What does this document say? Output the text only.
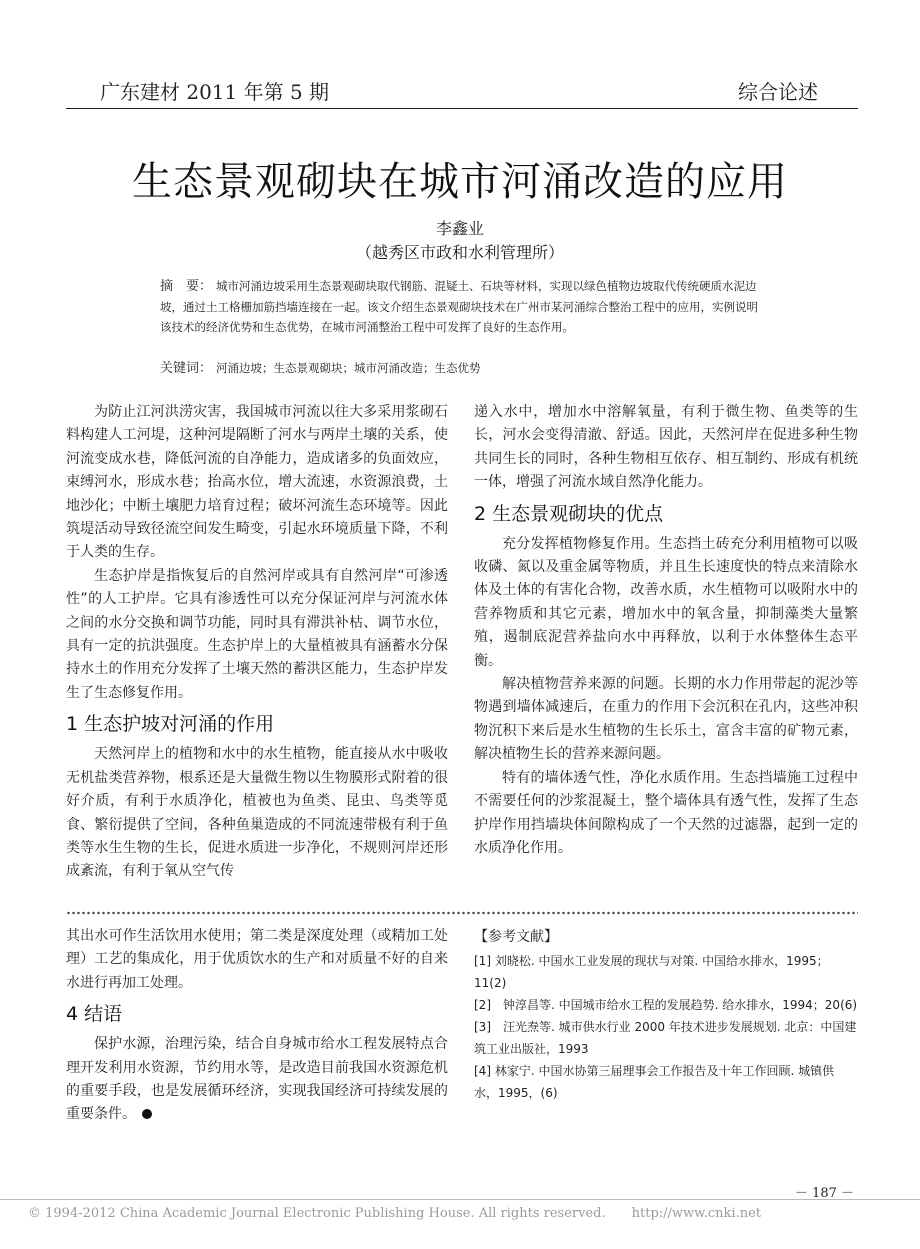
广东建材 2011 年第 5 期	综合论述
生态景观砌块在城市河涌改造的应用
李鑫业
（越秀区市政和水利管理所）
摘　要： 城市河涌边坡采用生态景观砌块取代钢筋、混疑土、石块等材料，实现以绿色植物边坡取代传统硬质水泥边坡，通过土工格栅加筋挡墙连接在一起。该文介绍生态景观砌块技术在广州市某河涌综合整治工程中的应用，实例说明该技术的经济优势和生态优势，在城市河涌整治工程中可发挥了良好的生态作用。
关键词： 河涌边坡；生态景观砌块；城市河涌改造；生态优势

为防止江河洪涝灾害，我国城市河流以往大多采用浆砌石料构建人工河堤，这种河堤隔断了河水与两岸土壤的关系，使河流变成水巷，降低河流的自净能力，造成诸多的负面效应，束缚河水，形成水巷；抬高水位，增大流速，水资源浪费，土地沙化；中断土壤肥力培育过程；破坏河流生态环境等。因此筑堤活动导致径流空间发生畸变，引起水环境质量下降，不利于人类的生存。

生态护岸是指恢复后的自然河岸或具有自然河岸“可渗透性”的人工护岸。它具有渗透性可以充分保证河岸与河流水体之间的水分交换和调节功能，同时具有滞洪补枯、调节水位，具有一定的抗洪强度。生态护岸上的大量植被具有涵蓄水分保持水土的作用充分发挥了土壤天然的蓄洪区能力，生态护岸发生了生态修复作用。

1 生态护坡对河涌的作用

天然河岸上的植物和水中的水生植物，能直接从水中吸收无机盐类营养物，根系还是大量微生物以生物膜形式附着的很好介质，有利于水质净化，植被也为鱼类、昆虫、鸟类等觅食、繁衍提供了空间，各种鱼巢造成的不同流速带极有利于鱼类等水生生物的生长，促进水质进一步净化，不规则河岸还形成紊流，有利于氧从空气传

递入水中，增加水中溶解氧量，有利于微生物、鱼类等的生长，河水会变得清澈、舒适。因此，天然河岸在促进多种生物共同生长的同时，各种生物相互依存、相互制约、形成有机统一体，增强了河流水域自然净化能力。

2 生态景观砌块的优点

充分发挥植物修复作用。生态挡土砖充分利用植物可以吸收磷、氮以及重金属等物质，并且生长速度快的特点来清除水体及土体的有害化合物，改善水质，水生植物可以吸附水中的营养物质和其它元素，增加水中的氧含量，抑制藻类大量繁殖，遏制底泥营养盐向水中再释放，以利于水体整体生态平衡。

解决植物营养来源的问题。长期的水力作用带起的泥沙等物遇到墙体减速后，在重力的作用下会沉积在孔内，这些冲积物沉积下来后是水生植物的生长乐土，富含丰富的矿物元素，解决植物生长的营养来源问题。

特有的墙体透气性，净化水质作用。生态挡墙施工过程中不需要任何的沙浆混凝土，整个墙体具有透气性，发挥了生态护岸作用挡墙块体间隙构成了一个天然的过滤器，起到一定的水质净化作用。

其出水可作生活饮用水使用；第二类是深度处理（或精加工处理）工艺的集成化，用于优质饮水的生产和对质量不好的自来水进行再加工处理。

4 结语

保护水源，治理污染，结合自身城市给水工程发展特点合理开发利用水资源，节约用水等，是改造目前我国水资源危机的重要手段，也是发展循环经济，实现我国经济可持续发展的重要条件。

【参考文献】

[1] 刘晓松. 中国水工业发展的现状与对策. 中国给水排水，1995；11(2)

[2]　钟淳昌等. 中国城市给水工程的发展趋势. 给水排水，1994；20(6)

[3]　汪光焘等. 城市供水行业 2000 年技术进步发展规划. 北京：中国建筑工业出版社，1993

[4] 林家宁. 中国水协第三届理事会工作报告及十年工作回顾. 城镇供水，1995，(6)

－ 187 －
© 1994-2012 China Academic Journal Electronic Publishing House. All rights reserved. http://www.cnki.net
